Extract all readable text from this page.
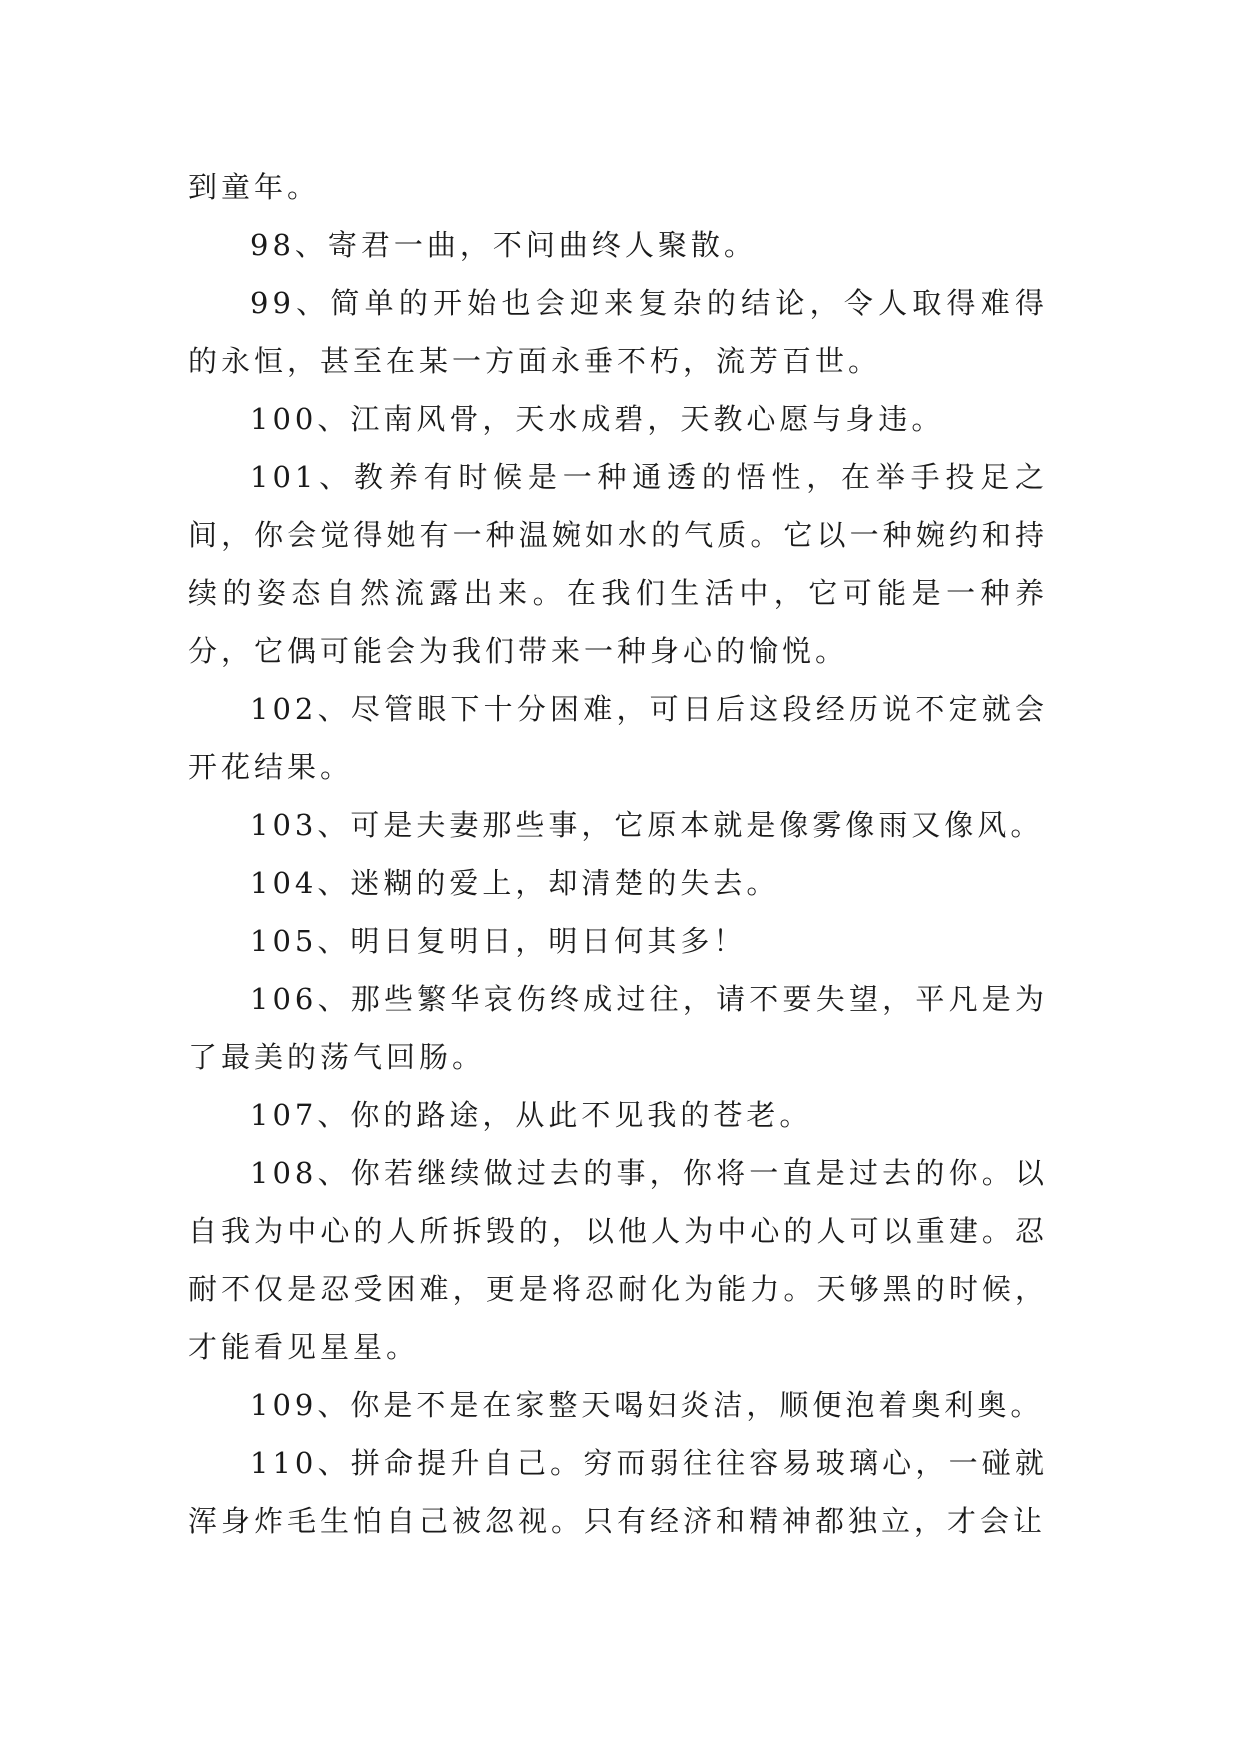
到童年。

98、寄君一曲，不问曲终人聚散。

99、简单的开始也会迎来复杂的结论，令人取得难得的永恒，甚至在某一方面永垂不朽，流芳百世。

100、江南风骨，天水成碧，天教心愿与身违。

101、教养有时候是一种通透的悟性，在举手投足之间，你会觉得她有一种温婉如水的气质。它以一种婉约和持续的姿态自然流露出来。在我们生活中，它可能是一种养分，它偶可能会为我们带来一种身心的愉悦。

102、尽管眼下十分困难，可日后这段经历说不定就会开花结果。

103、可是夫妻那些事，它原本就是像雾像雨又像风。

104、迷糊的爱上，却清楚的失去。

105、明日复明日，明日何其多！

106、那些繁华哀伤终成过往，请不要失望，平凡是为了最美的荡气回肠。

107、你的路途，从此不见我的苍老。

108、你若继续做过去的事，你将一直是过去的你。以自我为中心的人所拆毁的，以他人为中心的人可以重建。忍耐不仅是忍受困难，更是将忍耐化为能力。天够黑的时候，才能看见星星。

109、你是不是在家整天喝妇炎洁，顺便泡着奥利奥。

110、拼命提升自己。穷而弱往往容易玻璃心，一碰就浑身炸毛生怕自己被忽视。只有经济和精神都独立，才会让
